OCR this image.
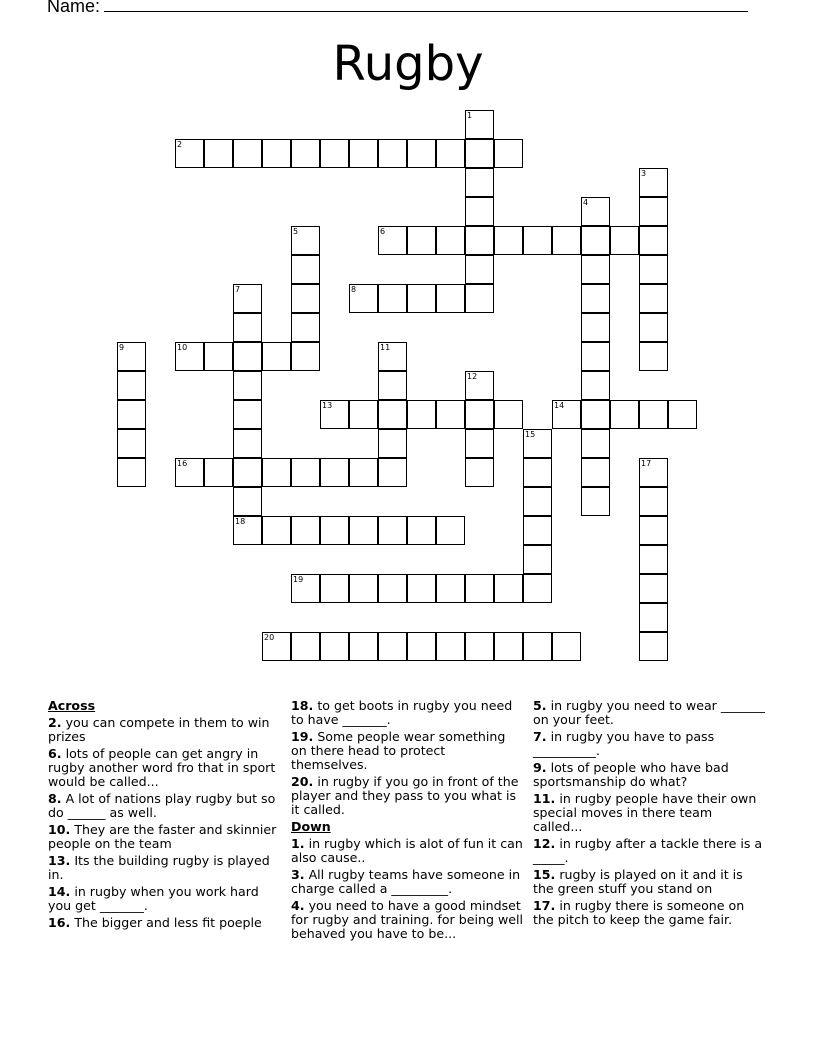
Name:
Rugby
1
2
3
4
5	6
7	8
9	10	11
12
13	14
15
16	17
18
19
20
Across
2. you can compete in them to win prizes
6. lots of people can get angry in rugby another word fro that in sport would be called...
8. A lot of nations play rugby but so do ______ as well.
10. They are the faster and skinnier people on the team
13. Its the building rugby is played in.
14. in rugby when you work hard you get _______.
16. The bigger and less fit poeple
18. to get boots in rugby you need to have _______.
19. Some people wear something on there head to protect themselves.
20. in rugby if you go in front of the player and they pass to you what is it called.
Down
1. in rugby which is alot of fun it can also cause..
3. All rugby teams have someone in charge called a _________.
4. you need to have a good mindset for rugby and training. for being well behaved you have to be...
5. in rugby you need to wear _______ on your feet.
7. in rugby you have to pass __________.
9. lots of people who have bad sportsmanship do what?
11. in rugby people have their own special moves in there team called...
12. in rugby after a tackle there is a _____.
15. rugby is played on it and it is the green stuff you stand on
17. in rugby there is someone on the pitch to keep the game fair.
